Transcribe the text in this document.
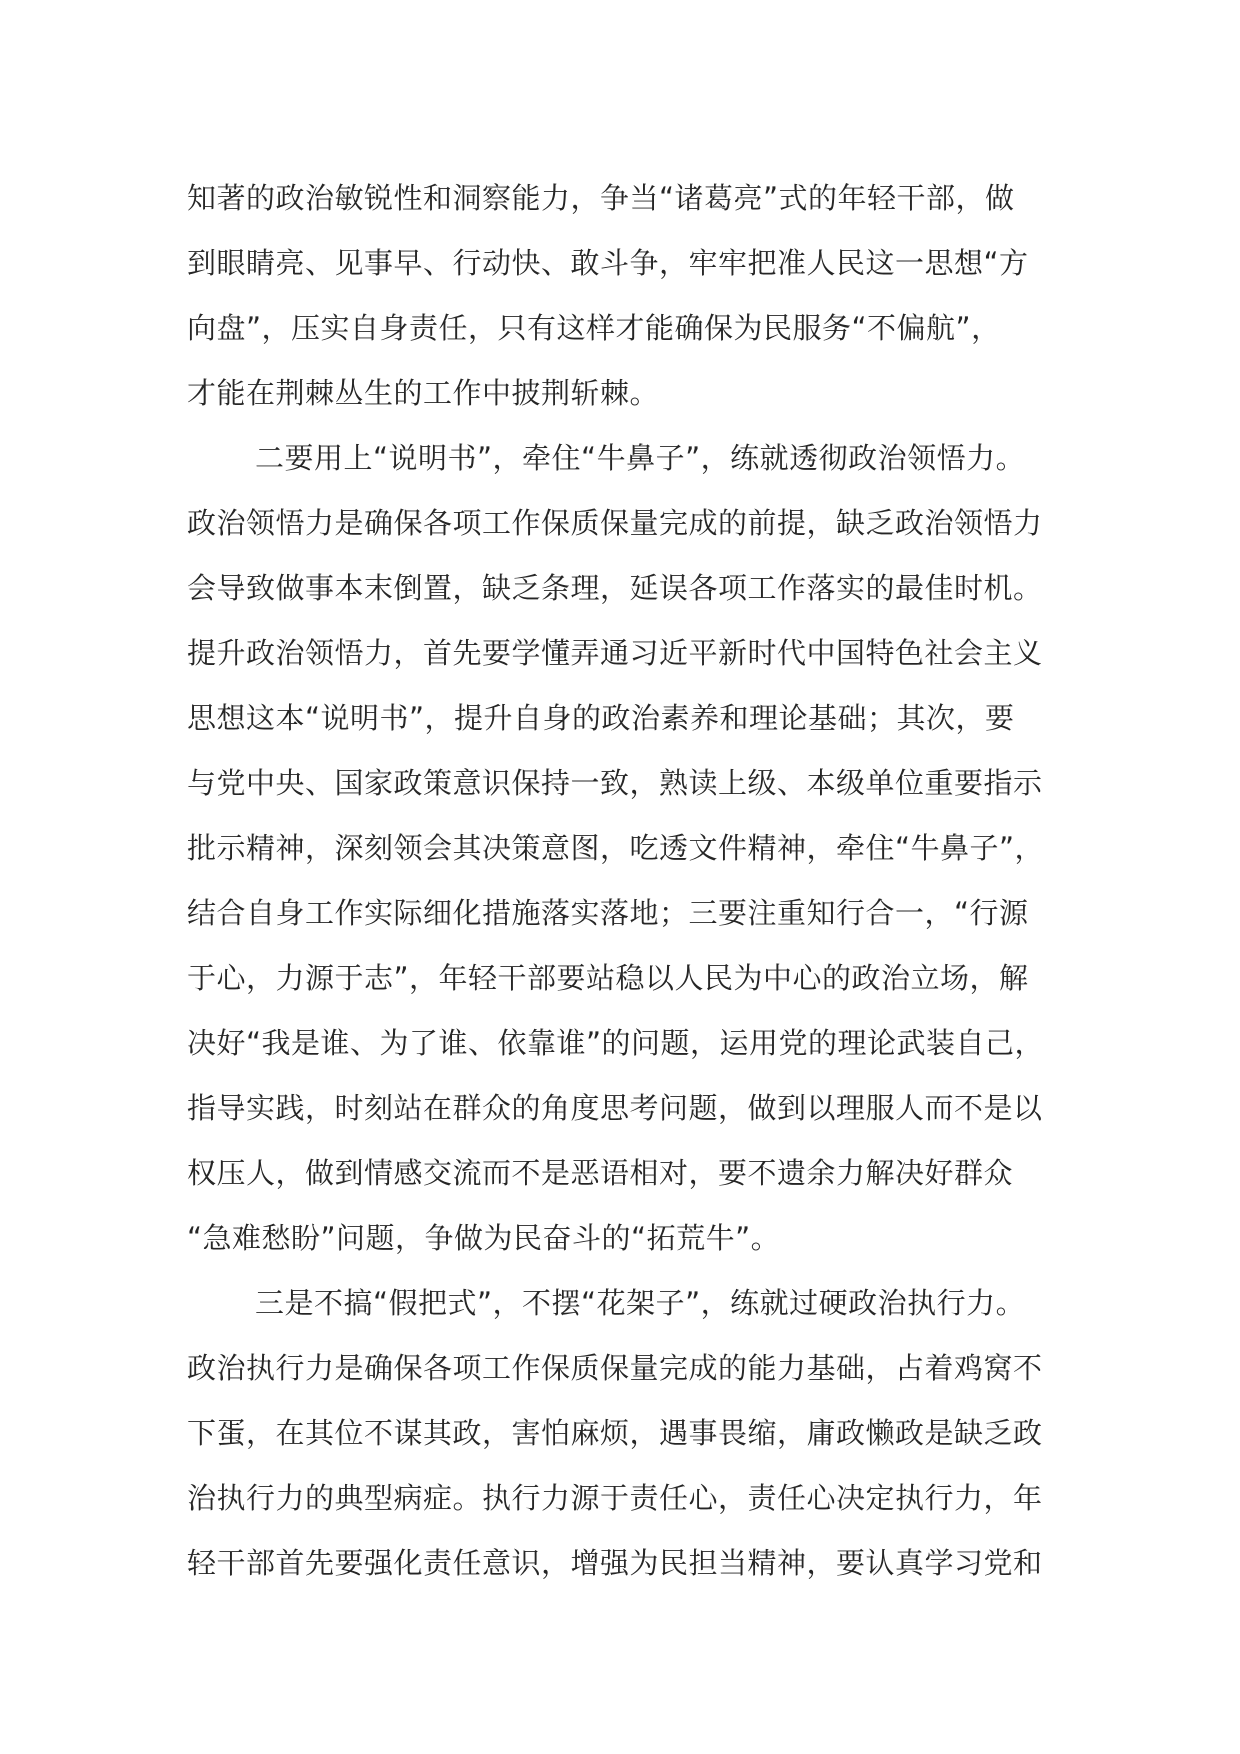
知著的政治敏锐性和洞察能力，争当“诸葛亮”式的年轻干部，做
到眼睛亮、见事早、行动快、敢斗争，牢牢把准人民这一思想“方
向盘”，压实自身责任，只有这样才能确保为民服务“不偏航”，
才能在荆棘丛生的工作中披荆斩棘。
二要用上“说明书”，牵住“牛鼻子”，练就透彻政治领悟力。
政治领悟力是确保各项工作保质保量完成的前提，缺乏政治领悟力
会导致做事本末倒置，缺乏条理，延误各项工作落实的最佳时机。
提升政治领悟力，首先要学懂弄通习近平新时代中国特色社会主义
思想这本“说明书”，提升自身的政治素养和理论基础；其次，要
与党中央、国家政策意识保持一致，熟读上级、本级单位重要指示
批示精神，深刻领会其决策意图，吃透文件精神，牵住“牛鼻子”，
结合自身工作实际细化措施落实落地；三要注重知行合一，“行源
于心，力源于志”，年轻干部要站稳以人民为中心的政治立场，解
决好“我是谁、为了谁、依靠谁”的问题，运用党的理论武装自己，
指导实践，时刻站在群众的角度思考问题，做到以理服人而不是以
权压人，做到情感交流而不是恶语相对，要不遗余力解决好群众
“急难愁盼”问题，争做为民奋斗的“拓荒牛”。
三是不搞“假把式”，不摆“花架子”，练就过硬政治执行力。
政治执行力是确保各项工作保质保量完成的能力基础，占着鸡窝不
下蛋，在其位不谋其政，害怕麻烦，遇事畏缩，庸政懒政是缺乏政
治执行力的典型病症。执行力源于责任心，责任心决定执行力，年
轻干部首先要强化责任意识，增强为民担当精神，要认真学习党和
